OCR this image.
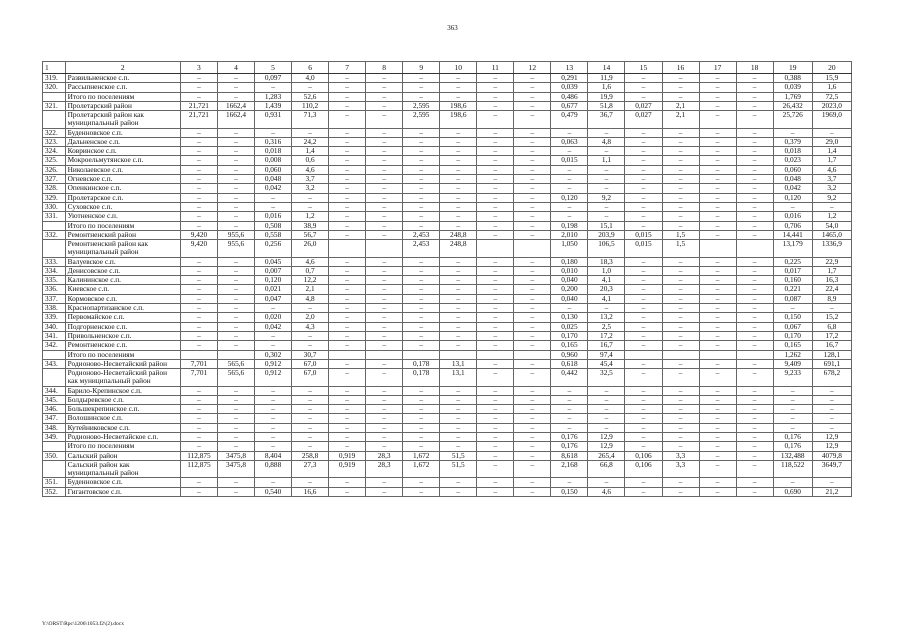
363
1	2	3	4	5	6	7	8	9	10	11	12	13	14	15	16	17	18	19	20
319.	Развильненское с.п.	–	–	0,097	4,0	–	–	–	–	–	–	0,291	11,9	–	–	–	–	0,388	15,9
320.	Рассыпненское с.п.	–	–	–	–	–	–	–	–	–	–	0,039	1,6	–	–	–	–	0,039	1,6
	Итого по поселениям	–	–	1,283	52,6	–	–	–	–	–	–	0,486	19,9	–	–	–	–	1,769	72,5
321.	Пролетарский район	21,721	1662,4	1,439	110,2	–	–	2,595	198,6	–	–	0,677	51,8	0,027	2,1	–	–	26,432	2023,0
	Пролетарский район как муниципальный район	21,721	1662,4	0,931	71,3	–	–	2,595	198,6	–	–	0,479	36,7	0,027	2,1	–	–	25,726	1969,0
322.	Буденновское с.п.	–	–	–	–	–	–	–	–	–	–	–	–	–	–	–	–	–	–
323.	Дальненское с.п.	–	–	0,316	24,2	–	–	–	–	–	–	0,063	4,8	–	–	–	–	0,379	29,0
324.	Ковринское с.п.	–	–	0,018	1,4	–	–	–	–	–	–	–	–	–	–	–	–	0,018	1,4
325.	Мокроельмутянское с.п.	–	–	0,008	0,6	–	–	–	–	–	–	0,015	1,1	–	–	–	–	0,023	1,7
326.	Николаевское с.п.	–	–	0,060	4,6	–	–	–	–	–	–	–	–	–	–	–	–	0,060	4,6
327.	Огневское с.п.	–	–	0,048	3,7	–	–	–	–	–	–	–	–	–	–	–	–	0,048	3,7
328.	Опенкинское с.п.	–	–	0,042	3,2	–	–	–	–	–	–	–	–	–	–	–	–	0,042	3,2
329.	Пролетарское с.п.	–	–	–	–	–	–	–	–	–	–	0,120	9,2	–	–	–	–	0,120	9,2
330.	Суховское с.п.	–	–	–	–	–	–	–	–	–	–	–	–	–	–	–	–	–	–
331.	Уютненское с.п.	–	–	0,016	1,2	–	–	–	–	–	–	–	–	–	–	–	–	0,016	1,2
	Итого по поселениям	–	–	0,508	38,9	–	–	–	–	–	–	0,198	15,1	–	–	–	–	0,706	54,0
332.	Ремонтненский район	9,420	955,6	0,558	56,7	–	–	2,453	248,8	–	–	2,010	203,9	0,015	1,5	–	–	14,441	1465,0
	Ремонтненский район как муниципальный район	9,420	955,6	0,256	26,0			2,453	248,8			1,050	106,5	0,015	1,5			13,179	1336,9
333.	Валуевское с.п.	–	–	0,045	4,6	–	–	–	–	–	–	0,180	18,3	–	–	–	–	0,225	22,9
334.	Денисовское с.п.	–	–	0,007	0,7	–	–	–	–	–	–	0,010	1,0	–	–	–	–	0,017	1,7
335.	Калининское с.п.	–	–	0,120	12,2	–	–	–	–	–	–	0,040	4,1	–	–	–	–	0,160	16,3
336.	Киевское с.п.	–	–	0,021	2,1	–	–	–	–	–	–	0,200	20,3	–	–	–	–	0,221	22,4
337.	Кормовское с.п.	–	–	0,047	4,8	–	–	–	–	–	–	0,040	4,1	–	–	–	–	0,087	8,9
338.	Краснопартизанское с.п.	–	–	–	–	–	–	–	–	–	–	–	–	–	–	–	–	–	–
339.	Первомайское с.п.	–	–	0,020	2,0	–	–	–	–	–	–	0,130	13,2	–	–	–	–	0,150	15,2
340.	Подгорненское с.п.	–	–	0,042	4,3	–	–	–	–	–	–	0,025	2,5	–	–	–	–	0,067	6,8
341.	Привольненское с.п.	–	–	–	–	–	–	–	–	–	–	0,170	17,2	–	–	–	–	0,170	17,2
342.	Ремонтненское с.п.	–	–	–	–	–	–	–	–	–	–	0,165	16,7	–	–	–	–	0,165	16,7
	Итого по поселениям			0,302	30,7							0,960	97,4					1,262	128,1
343.	Родионово-Несветайский район	7,701	565,6	0,912	67,0	–	–	0,178	13,1	–	–	0,618	45,4	–	–	–	–	9,409	691,1
	Родионово-Несветайский район как муниципальный район	7,701	565,6	0,912	67,0	–	–	0,178	13,1	–	–	0,442	32,5	–	–	–	–	9,233	678,2
344.	Барило-Крепинское с.п.	–	–	–	–	–	–	–	–	–	–	–	–	–	–	–	–	–	–
345.	Болдыревское с.п.	–	–	–	–	–	–	–	–	–	–	–	–	–	–	–	–	–	–
346.	Большекрепинское с.п.	–	–	–	–	–	–	–	–	–	–	–	–	–	–	–	–	–	–
347.	Волошинское с.п.	–	–	–	–	–	–	–	–	–	–	–	–	–	–	–	–	–	–
348.	Кутейниковское с.п.	–	–	–	–	–	–	–	–	–	–	–	–	–	–	–	–	–	–
349.	Родионово-Несветайское с.п.	–	–	–	–	–	–	–	–	–	–	0,176	12,9	–	–	–	–	0,176	12,9
	Итого по поселениям	–	–	–	–	–	–	–	–	–	–	0,176	12,9	–	–	–	–	0,176	12,9
350.	Сальский район	112,875	3475,8	8,404	258,8	0,919	28,3	1,672	51,5	–	–	8,618	265,4	0,106	3,3	–	–	132,488	4079,8
	Сальский район как муниципальный район	112,875	3475,8	0,888	27,3	0,919	28,3	1,672	51,5	–	–	2,168	66,8	0,106	3,3	–	–	118,522	3649,7
351.	Буденновское с.п.	–	–	–	–	–	–	–	–	–	–	–	–	–	–	–	–	–	–
352.	Гигантовское с.п.	–	–	0,540	16,6	–	–	–	–	–	–	0,150	4,6	–	–	–	–	0,690	21,2
Y:\ORST\Rpc\1206\1053.f2\(2).docx
